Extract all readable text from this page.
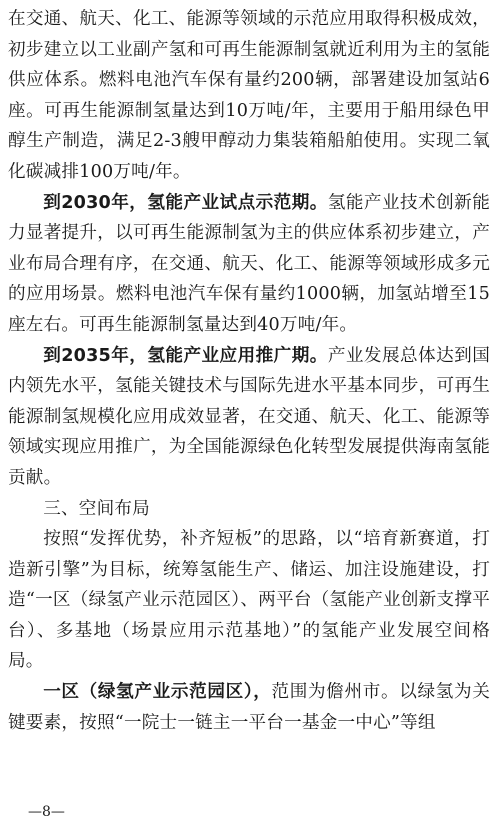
在交通、航天、化工、能源等领域的示范应用取得积极成效，初步建立以工业副产氢和可再生能源制氢就近利用为主的氢能供应体系。燃料电池汽车保有量约200辆，部署建设加氢站6座。可再生能源制氢量达到10万吨/年，主要用于船用绿色甲醇生产制造，满足2-3艘甲醇动力集装箱船舶使用。实现二氧化碳减排100万吨/年。

到2030年，氢能产业试点示范期。氢能产业技术创新能力显著提升，以可再生能源制氢为主的供应体系初步建立，产业布局合理有序，在交通、航天、化工、能源等领域形成多元的应用场景。燃料电池汽车保有量约1000辆，加氢站增至15座左右。可再生能源制氢量达到40万吨/年。

到2035年，氢能产业应用推广期。产业发展总体达到国内领先水平，氢能关键技术与国际先进水平基本同步，可再生能源制氢规模化应用成效显著，在交通、航天、化工、能源等领域实现应用推广，为全国能源绿色化转型发展提供海南氢能贡献。

三、空间布局

按照“发挥优势，补齐短板”的思路，以“培育新赛道，打造新引擎”为目标，统筹氢能生产、储运、加注设施建设，打造“一区（绿氢产业示范园区）、两平台（氢能产业创新支撑平台）、多基地（场景应用示范基地）”的氢能产业发展空间格局。

一区（绿氢产业示范园区），范围为儋州市。以绿氢为关键要素，按照“一院士一链主一平台一基金一中心”等组

—8—
